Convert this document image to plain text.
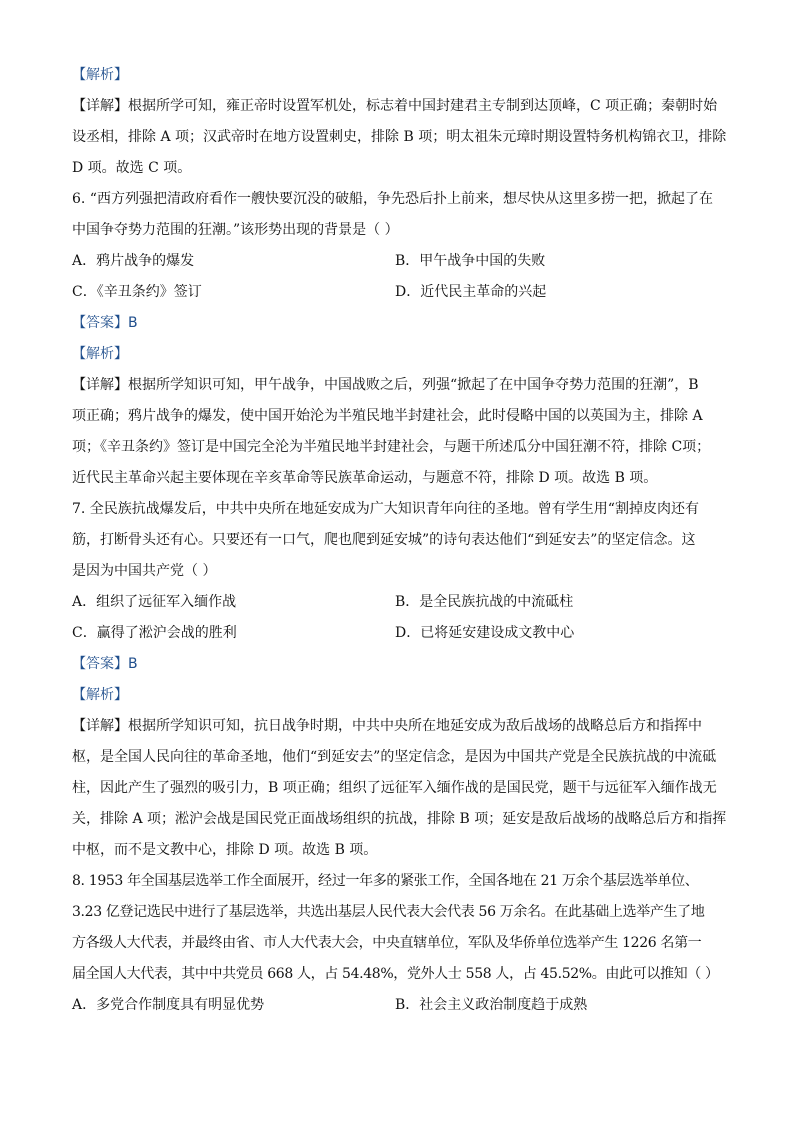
【解析】
【详解】根据所学可知，雍正帝时设置军机处，标志着中国封建君主专制到达顶峰，C 项正确；秦朝时始
设丞相，排除 A 项；汉武帝时在地方设置刺史，排除 B 项；明太祖朱元璋时期设置特务机构锦衣卫，排除
D 项。故选 C 项。
6. “西方列强把清政府看作一艘快要沉没的破船，争先恐后扑上前来，想尽快从这里多捞一把，掀起了在
中国争夺势力范围的狂潮。”该形势出现的背景是（ ）
A．鸦片战争的爆发	B．甲午战争中国的失败
C．《辛丑条约》签订	D．近代民主革命的兴起
【答案】B
【解析】
【详解】根据所学知识可知，甲午战争，中国战败之后，列强“掀起了在中国争夺势力范围的狂潮”，B
项正确；鸦片战争的爆发，使中国开始沦为半殖民地半封建社会，此时侵略中国的以英国为主，排除 A
项；《辛丑条约》签订是中国完全沦为半殖民地半封建社会，与题干所述瓜分中国狂潮不符，排除 C项；
近代民主革命兴起主要体现在辛亥革命等民族革命运动，与题意不符，排除 D 项。故选 B 项。
7. 全民族抗战爆发后，中共中央所在地延安成为广大知识青年向往的圣地。曾有学生用“割掉皮肉还有
筋，打断骨头还有心。只要还有一口气，爬也爬到延安城”的诗句表达他们“到延安去”的坚定信念。这
是因为中国共产党（ ）
A．组织了远征军入缅作战	B．是全民族抗战的中流砥柱
C．赢得了淞沪会战的胜利	D．已将延安建设成文教中心
【答案】B
【解析】
【详解】根据所学知识可知，抗日战争时期，中共中央所在地延安成为敌后战场的战略总后方和指挥中
枢，是全国人民向往的革命圣地，他们“到延安去”的坚定信念，是因为中国共产党是全民族抗战的中流砥
柱，因此产生了强烈的吸引力，B 项正确；组织了远征军入缅作战的是国民党，题干与远征军入缅作战无
关，排除 A 项；淞沪会战是国民党正面战场组织的抗战，排除 B 项；延安是敌后战场的战略总后方和指挥
中枢，而不是文教中心，排除 D 项。故选 B 项。
8. 1953 年全国基层选举工作全面展开，经过一年多的紧张工作，全国各地在 21 万余个基层选举单位、
3.23 亿登记选民中进行了基层选举，共选出基层人民代表大会代表 56 万余名。在此基础上选举产生了地
方各级人大代表，并最终由省、市人大代表大会，中央直辖单位，军队及华侨单位选举产生 1226 名第一
届全国人大代表，其中中共党员 668 人，占 54.48%，党外人士 558 人，占 45.52%。由此可以推知（ ）
A．多党合作制度具有明显优势	B．社会主义政治制度趋于成熟
